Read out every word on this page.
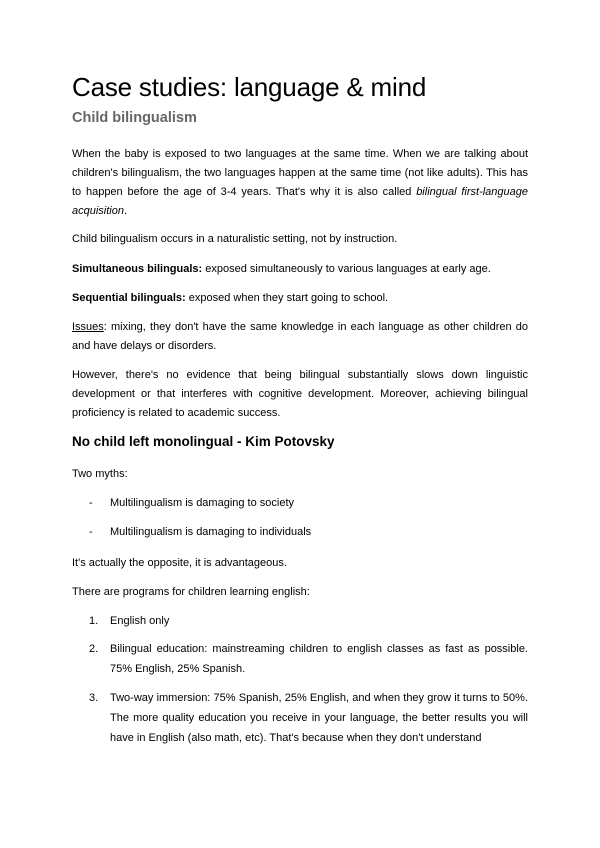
Case studies: language & mind
Child bilingualism

When the baby is exposed to two languages at the same time. When we are talking about children's bilingualism, the two languages happen at the same time (not like adults). This has to happen before the age of 3-4 years. That's why it is also called bilingual first-language acquisition.

Child bilingualism occurs in a naturalistic setting, not by instruction.

Simultaneous bilinguals: exposed simultaneously to various languages at early age.

Sequential bilinguals: exposed when they start going to school.

Issues: mixing, they don't have the same knowledge in each language as other children do and have delays or disorders.

However, there's no evidence that being bilingual substantially slows down linguistic development or that interferes with cognitive development. Moreover, achieving bilingual proficiency is related to academic success.

No child left monolingual - Kim Potovsky

Two myths:

- Multilingualism is damaging to society
- Multilingualism is damaging to individuals

It's actually the opposite, it is advantageous.

There are programs for children learning english:

1. English only
2. Bilingual education: mainstreaming children to english classes as fast as possible. 75% English, 25% Spanish.
3. Two-way immersion: 75% Spanish, 25% English, and when they grow it turns to 50%. The more quality education you receive in your language, the better results you will have in English (also math, etc). That's because when they don't understand
